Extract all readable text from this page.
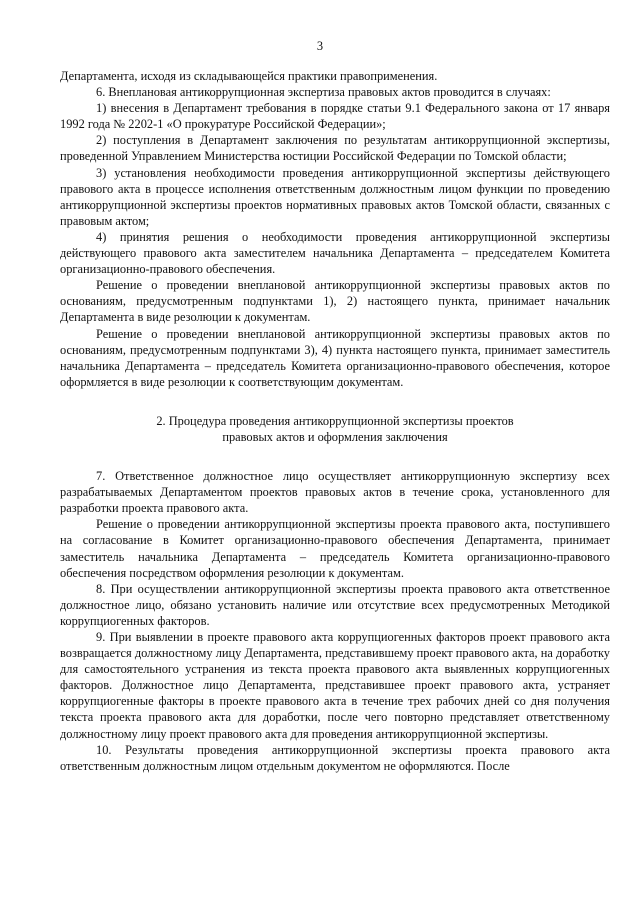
3

Департамента, исходя из складывающейся практики правоприменения.

6. Внеплановая антикоррупционная экспертиза правовых актов проводится в случаях:

1) внесения в Департамент требования в порядке статьи 9.1 Федерального закона от 17 января 1992 года № 2202-1 «О прокуратуре Российской Федерации»;

2) поступления в Департамент заключения по результатам антикоррупционной экспертизы, проведенной Управлением Министерства юстиции Российской Федерации по Томской области;

3) установления необходимости проведения антикоррупционной экспертизы действующего правового акта в процессе исполнения ответственным должностным лицом функции по проведению антикоррупционной экспертизы проектов нормативных правовых актов Томской области, связанных с правовым актом;

4) принятия решения о необходимости проведения антикоррупционной экспертизы действующего правового акта заместителем начальника Департамента – председателем Комитета организационно-правового обеспечения.

Решение о проведении внеплановой антикоррупционной экспертизы правовых актов по основаниям, предусмотренным подпунктами 1), 2) настоящего пункта, принимает начальник Департамента в виде резолюции к документам.

Решение о проведении внеплановой антикоррупционной экспертизы правовых актов по основаниям, предусмотренным подпунктами 3), 4) пункта настоящего пункта, принимает заместитель начальника Департамента – председатель Комитета организационно-правового обеспечения, которое оформляется в виде резолюции к соответствующим документам.

2. Процедура проведения антикоррупционной экспертизы проектов
правовых актов и оформления заключения

7. Ответственное должностное лицо осуществляет антикоррупционную экспертизу всех разрабатываемых Департаментом проектов правовых актов в течение срока, установленного для разработки проекта правового акта.

Решение о проведении антикоррупционной экспертизы проекта правового акта, поступившего на согласование в Комитет организационно-правового обеспечения Департамента, принимает заместитель начальника Департамента – председатель Комитета организационно-правового обеспечения посредством оформления резолюции к документам.

8. При осуществлении антикоррупционной экспертизы проекта правового акта ответственное должностное лицо, обязано установить наличие или отсутствие всех предусмотренных Методикой коррупциогенных факторов.

9. При выявлении в проекте правового акта коррупциогенных факторов проект правового акта возвращается должностному лицу Департамента, представившему проект правового акта, на доработку для самостоятельного устранения из текста проекта правового акта выявленных коррупциогенных факторов. Должностное лицо Департамента, представившее проект правового акта, устраняет коррупциогенные факторы в проекте правового акта в течение трех рабочих дней со дня получения текста проекта правового акта для доработки, после чего повторно представляет ответственному должностному лицу проект правового акта для проведения антикоррупционной экспертизы.

10. Результаты проведения антикоррупционной экспертизы проекта правового акта ответственным должностным лицом отдельным документом не оформляются. После
